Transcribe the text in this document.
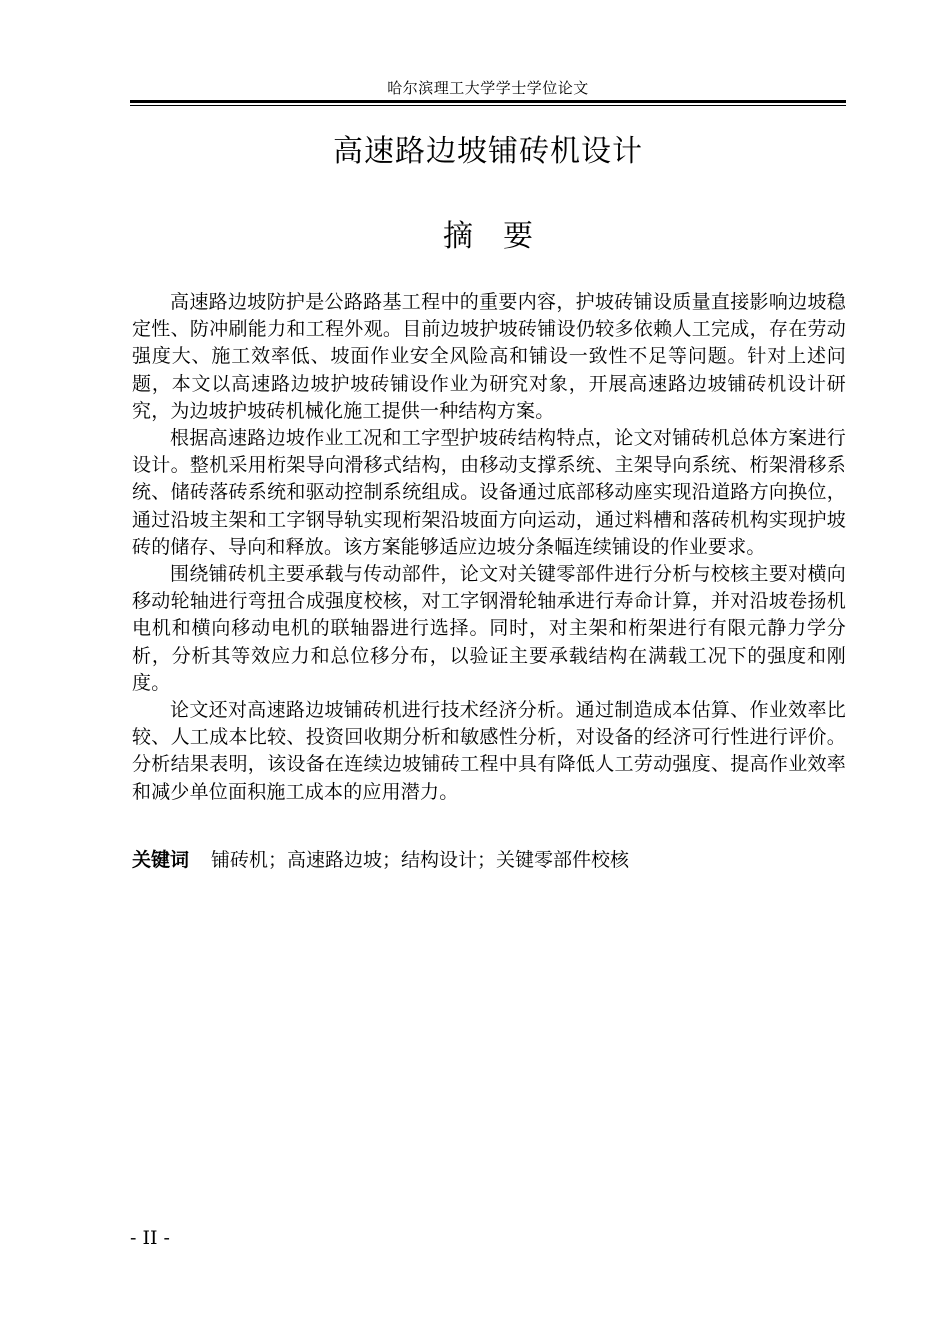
哈尔滨理工大学学士学位论文
高速路边坡铺砖机设计
摘要

高速路边坡防护是公路路基工程中的重要内容，护坡砖铺设质量直接影响边坡稳定性、防冲刷能力和工程外观。目前边坡护坡砖铺设仍较多依赖人工完成，存在劳动强度大、施工效率低、坡面作业安全风险高和铺设一致性不足等问题。针对上述问题，本文以高速路边坡护坡砖铺设作业为研究对象，开展高速路边坡铺砖机设计研究，为边坡护坡砖机械化施工提供一种结构方案。

根据高速路边坡作业工况和工字型护坡砖结构特点，论文对铺砖机总体方案进行设计。整机采用桁架导向滑移式结构，由移动支撑系统、主架导向系统、桁架滑移系统、储砖落砖系统和驱动控制系统组成。设备通过底部移动座实现沿道路方向换位，通过沿坡主架和工字钢导轨实现桁架沿坡面方向运动，通过料槽和落砖机构实现护坡砖的储存、导向和释放。该方案能够适应边坡分条幅连续铺设的作业要求。

围绕铺砖机主要承载与传动部件，论文对关键零部件进行分析与校核主要对横向移动轮轴进行弯扭合成强度校核，对工字钢滑轮轴承进行寿命计算，并对沿坡卷扬机电机和横向移动电机的联轴器进行选择。同时，对主架和桁架进行有限元静力学分析，分析其等效应力和总位移分布，以验证主要承载结构在满载工况下的强度和刚度。

论文还对高速路边坡铺砖机进行技术经济分析。通过制造成本估算、作业效率比较、人工成本比较、投资回收期分析和敏感性分析，对设备的经济可行性进行评价。分析结果表明，该设备在连续边坡铺砖工程中具有降低人工劳动强度、提高作业效率和减少单位面积施工成本的应用潜力。

关键词 铺砖机；高速路边坡；结构设计；关键零部件校核
- II -
